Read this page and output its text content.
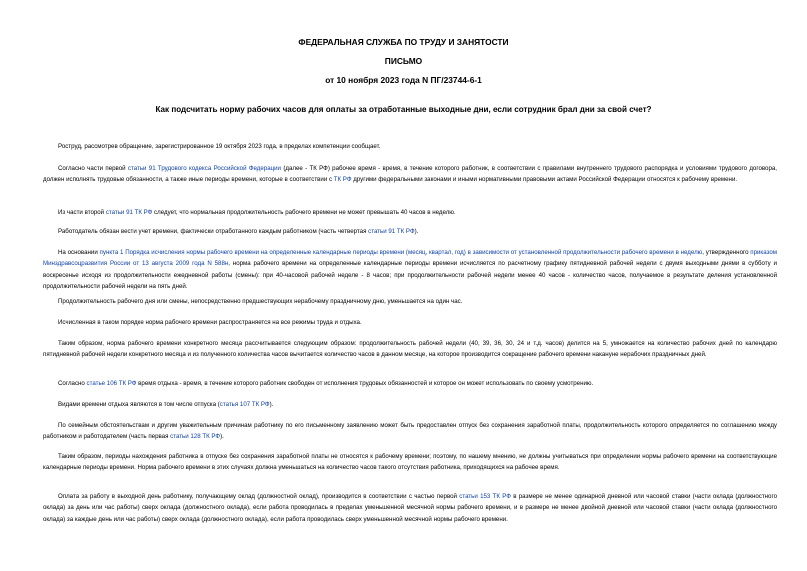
ФЕДЕРАЛЬНАЯ СЛУЖБА ПО ТРУДУ И ЗАНЯТОСТИ
ПИСЬМО
от 10 ноября 2023 года N ПГ/23744-6-1
Как подсчитать норму рабочих часов для оплаты за отработанные выходные дни, если сотрудник брал дни за свой счет?

Роструд, рассмотрев обращение, зарегистрированное 19 октября 2023 года, в пределах компетенции сообщает.

Согласно части первой статьи 91 Трудового кодекса Российской Федерации (далее - ТК РФ) рабочее время - время, в течение которого работник, в соответствии с правилами внутреннего трудового распорядка и условиями трудового договора, должен исполнять трудовые обязанности, а также иные периоды времени, которые в соответствии с ТК РФ другими федеральными законами и иными нормативными правовыми актами Российской Федерации относятся к рабочему времени.

Из части второй статьи 91 ТК РФ следует, что нормальная продолжительность рабочего времени не может превышать 40 часов в неделю.

Работодатель обязан вести учет времени, фактически отработанного каждым работником (часть четвертая статьи 91 ТК РФ).

На основании пункта 1 Порядка исчисления нормы рабочего времени на определенные календарные периоды времени (месяц, квартал, год) в зависимости от установленной продолжительности рабочего времени в неделю, утвержденного приказом Минздравсоцразвития России от 13 августа 2009 года N 588н, норма рабочего времени на определенные календарные периоды времени исчисляется по расчетному графику пятидневной рабочей недели с двумя выходными днями в субботу и воскресенье исходя из продолжительности ежедневной работы (смены): при 40-часовой рабочей неделе - 8 часов; при продолжительности рабочей недели менее 40 часов - количество часов, получаемое в результате деления установленной продолжительности рабочей недели на пять дней.

Продолжительность рабочего дня или смены, непосредственно предшествующих нерабочему праздничному дню, уменьшается на один час.

Исчисленная в таком порядке норма рабочего времени распространяется на все режимы труда и отдыха.

Таким образом, норма рабочего времени конкретного месяца рассчитывается следующим образом: продолжительность рабочей недели (40, 39, 36, 30, 24 и т.д. часов) делится на 5, умножается на количество рабочих дней по календарю пятидневной рабочей недели конкретного месяца и из полученного количества часов вычитается количество часов в данном месяце, на которое производится сокращение рабочего времени накануне нерабочих праздничных дней.

Согласно статье 106 ТК РФ время отдыха - время, в течение которого работник свободен от исполнения трудовых обязанностей и которое он может использовать по своему усмотрению.

Видами времени отдыха являются в том числе отпуска (статья 107 ТК РФ).

По семейным обстоятельствам и другим уважительным причинам работнику по его письменному заявлению может быть предоставлен отпуск без сохранения заработной платы, продолжительность которого определяется по соглашению между работником и работодателем (часть первая статьи 128 ТК РФ).

Таким образом, периоды нахождения работника в отпуске без сохранения заработной платы не относятся к рабочему времени; поэтому, по нашему мнению, не должны учитываться при определении нормы рабочего времени на соответствующие календарные периоды времени. Норма рабочего времени в этих случаях должна уменьшаться на количество часов такого отсутствия работника, приходящихся на рабочее время.

Оплата за работу в выходной день работнику, получающему оклад (должностной оклад), производится в соответствии с частью первой статьи 153 ТК РФ в размере не менее одинарной дневной или часовой ставки (части оклада (должностного оклада) за день или час работы) сверх оклада (должностного оклада), если работа проводилась в пределах уменьшенной месячной нормы рабочего времени, и в размере не менее двойной дневной или часовой ставки (части оклада (должностного оклада) за каждые день или час работы) сверх оклада (должностного оклада), если работа проводилась сверх уменьшенной месячной нормы рабочего времени.
